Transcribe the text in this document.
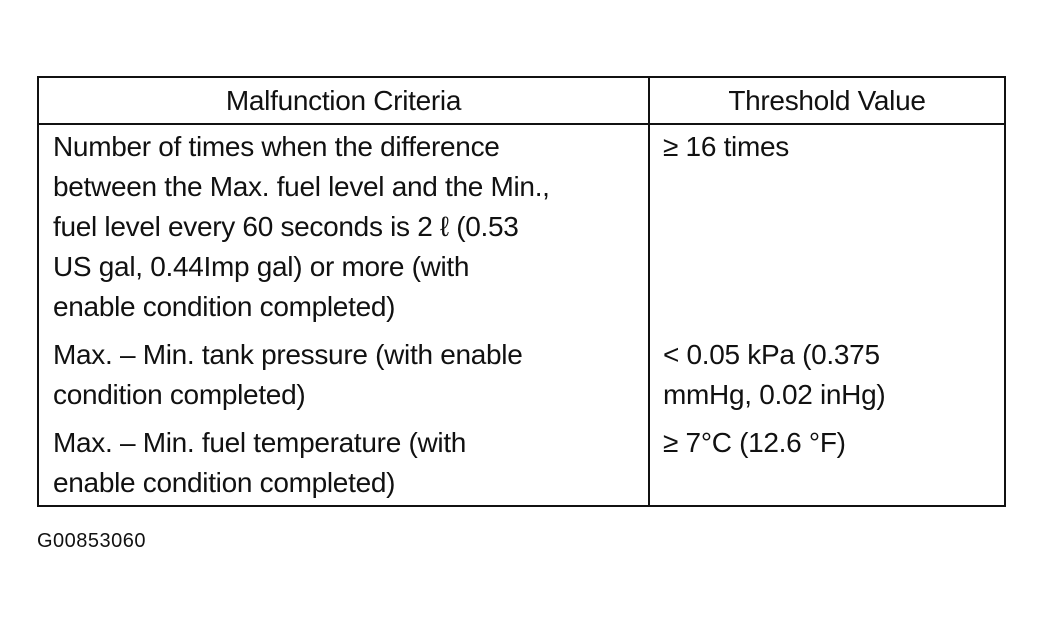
Malfunction Criteria	Threshold Value
Number of times when the difference
between the Max. fuel level and the Min.,
fuel level every 60 seconds is 2 ℓ (0.53
US gal, 0.44Imp gal) or more (with
enable condition completed)
≥ 16 times
Max. – Min. tank pressure (with enable
condition completed)
< 0.05 kPa (0.375
mmHg, 0.02 inHg)
Max. – Min. fuel temperature (with
enable condition completed)
≥ 7°C (12.6 °F)
G00853060
